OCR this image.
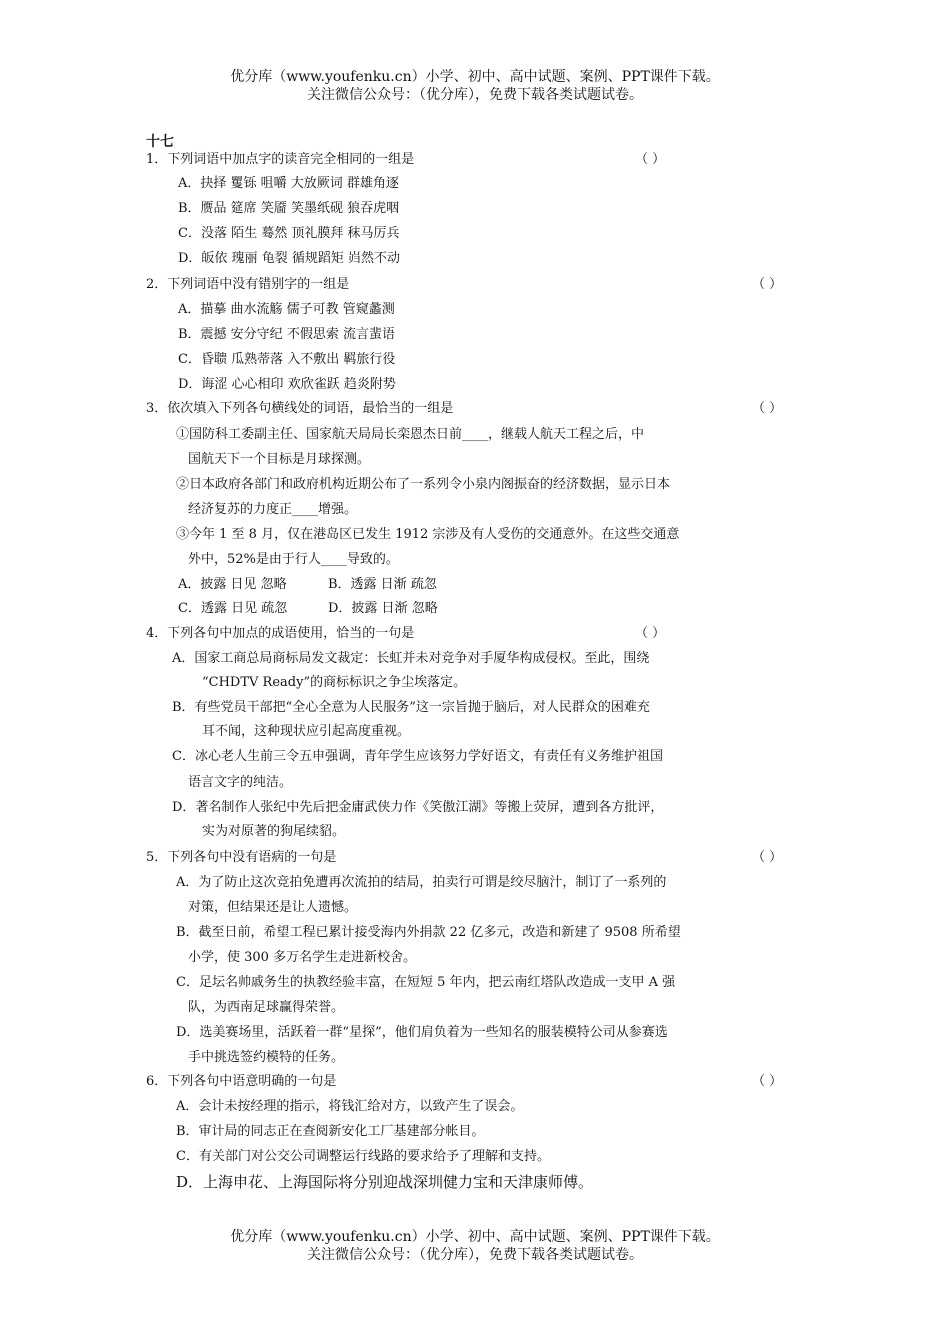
优分库（www.youfenku.cn）小学、初中、高中试题、案例、PPT课件下载。
关注微信公众号：（优分库），免费下载各类试题试卷。
十七
1．下列词语中加点字的读音完全相同的一组是	（ ）
A．抉择 矍铄 咀嚼 大放厥词 群雄角逐
B．赝品 筵席 笑靥 笑墨纸砚 狼吞虎咽
C．没落 陌生 蓦然 顶礼膜拜 秣马厉兵
D．皈依 瑰丽 龟裂 循规蹈矩 岿然不动
2．下列词语中没有错别字的一组是	（ ）
A．描摹 曲水流觞 儒子可教 管窥蠡测
B．震撼 安分守纪 不假思索 流言蜚语
C．昏聩 瓜熟蒂落 入不敷出 羁旅行役
D．诲涩 心心相印 欢欣雀跃 趋炎附势
3．依次填入下列各句横线处的词语，最恰当的一组是	（ ）
①国防科工委副主任、国家航天局局长栾恩杰日前____，继载人航天工程之后，中
国航天下一个目标是月球探测。
②日本政府各部门和政府机构近期公布了一系列令小泉内阁振奋的经济数据，显示日本
经济复苏的力度正____增强。
③今年 1 至 8 月，仅在港岛区已发生 1912 宗涉及有人受伤的交通意外。在这些交通意
外中，52%是由于行人____导致的。
A．披露 日见 忽略	B．透露 日渐 疏忽
C．透露 日见 疏忽	D．披露 日渐 忽略
4．下列各句中加点的成语使用，恰当的一句是	（ ）
A．国家工商总局商标局发文裁定：长虹并未对竞争对手厦华构成侵权。至此，围绕
“CHDTV Ready”的商标标识之争尘埃落定。
B．有些党员干部把“全心全意为人民服务”这一宗旨抛于脑后，对人民群众的困难充
耳不闻，这种现状应引起高度重视。
C．冰心老人生前三令五申强调，青年学生应该努力学好语文，有责任有义务维护祖国
语言文字的纯洁。
D．著名制作人张纪中先后把金庸武侠力作《笑傲江湖》等搬上荧屏，遭到各方批评，
实为对原著的狗尾续貂。
5．下列各句中没有语病的一句是	（ ）
A．为了防止这次竞拍免遭再次流拍的结局，拍卖行可谓是绞尽脑汁，制订了一系列的
对策，但结果还是让人遗憾。
B．截至日前，希望工程已累计接受海内外捐款 22 亿多元，改造和新建了 9508 所希望
小学，使 300 多万名学生走进新校舍。
C．足坛名帅戚务生的执教经验丰富，在短短 5 年内，把云南红塔队改造成一支甲 A 强
队，为西南足球赢得荣誉。
D．选美赛场里，活跃着一群“星探”，他们肩负着为一些知名的服装模特公司从参赛选
手中挑选签约模特的任务。
6．下列各句中语意明确的一句是	（ ）
A．会计未按经理的指示，将钱汇给对方，以致产生了误会。
B．审计局的同志正在查阅新安化工厂基建部分帐目。
C．有关部门对公交公司调整运行线路的要求给予了理解和支持。
D．上海申花、上海国际将分别迎战深圳健力宝和天津康师傅。
优分库（www.youfenku.cn）小学、初中、高中试题、案例、PPT课件下载。
关注微信公众号：（优分库），免费下载各类试题试卷。
